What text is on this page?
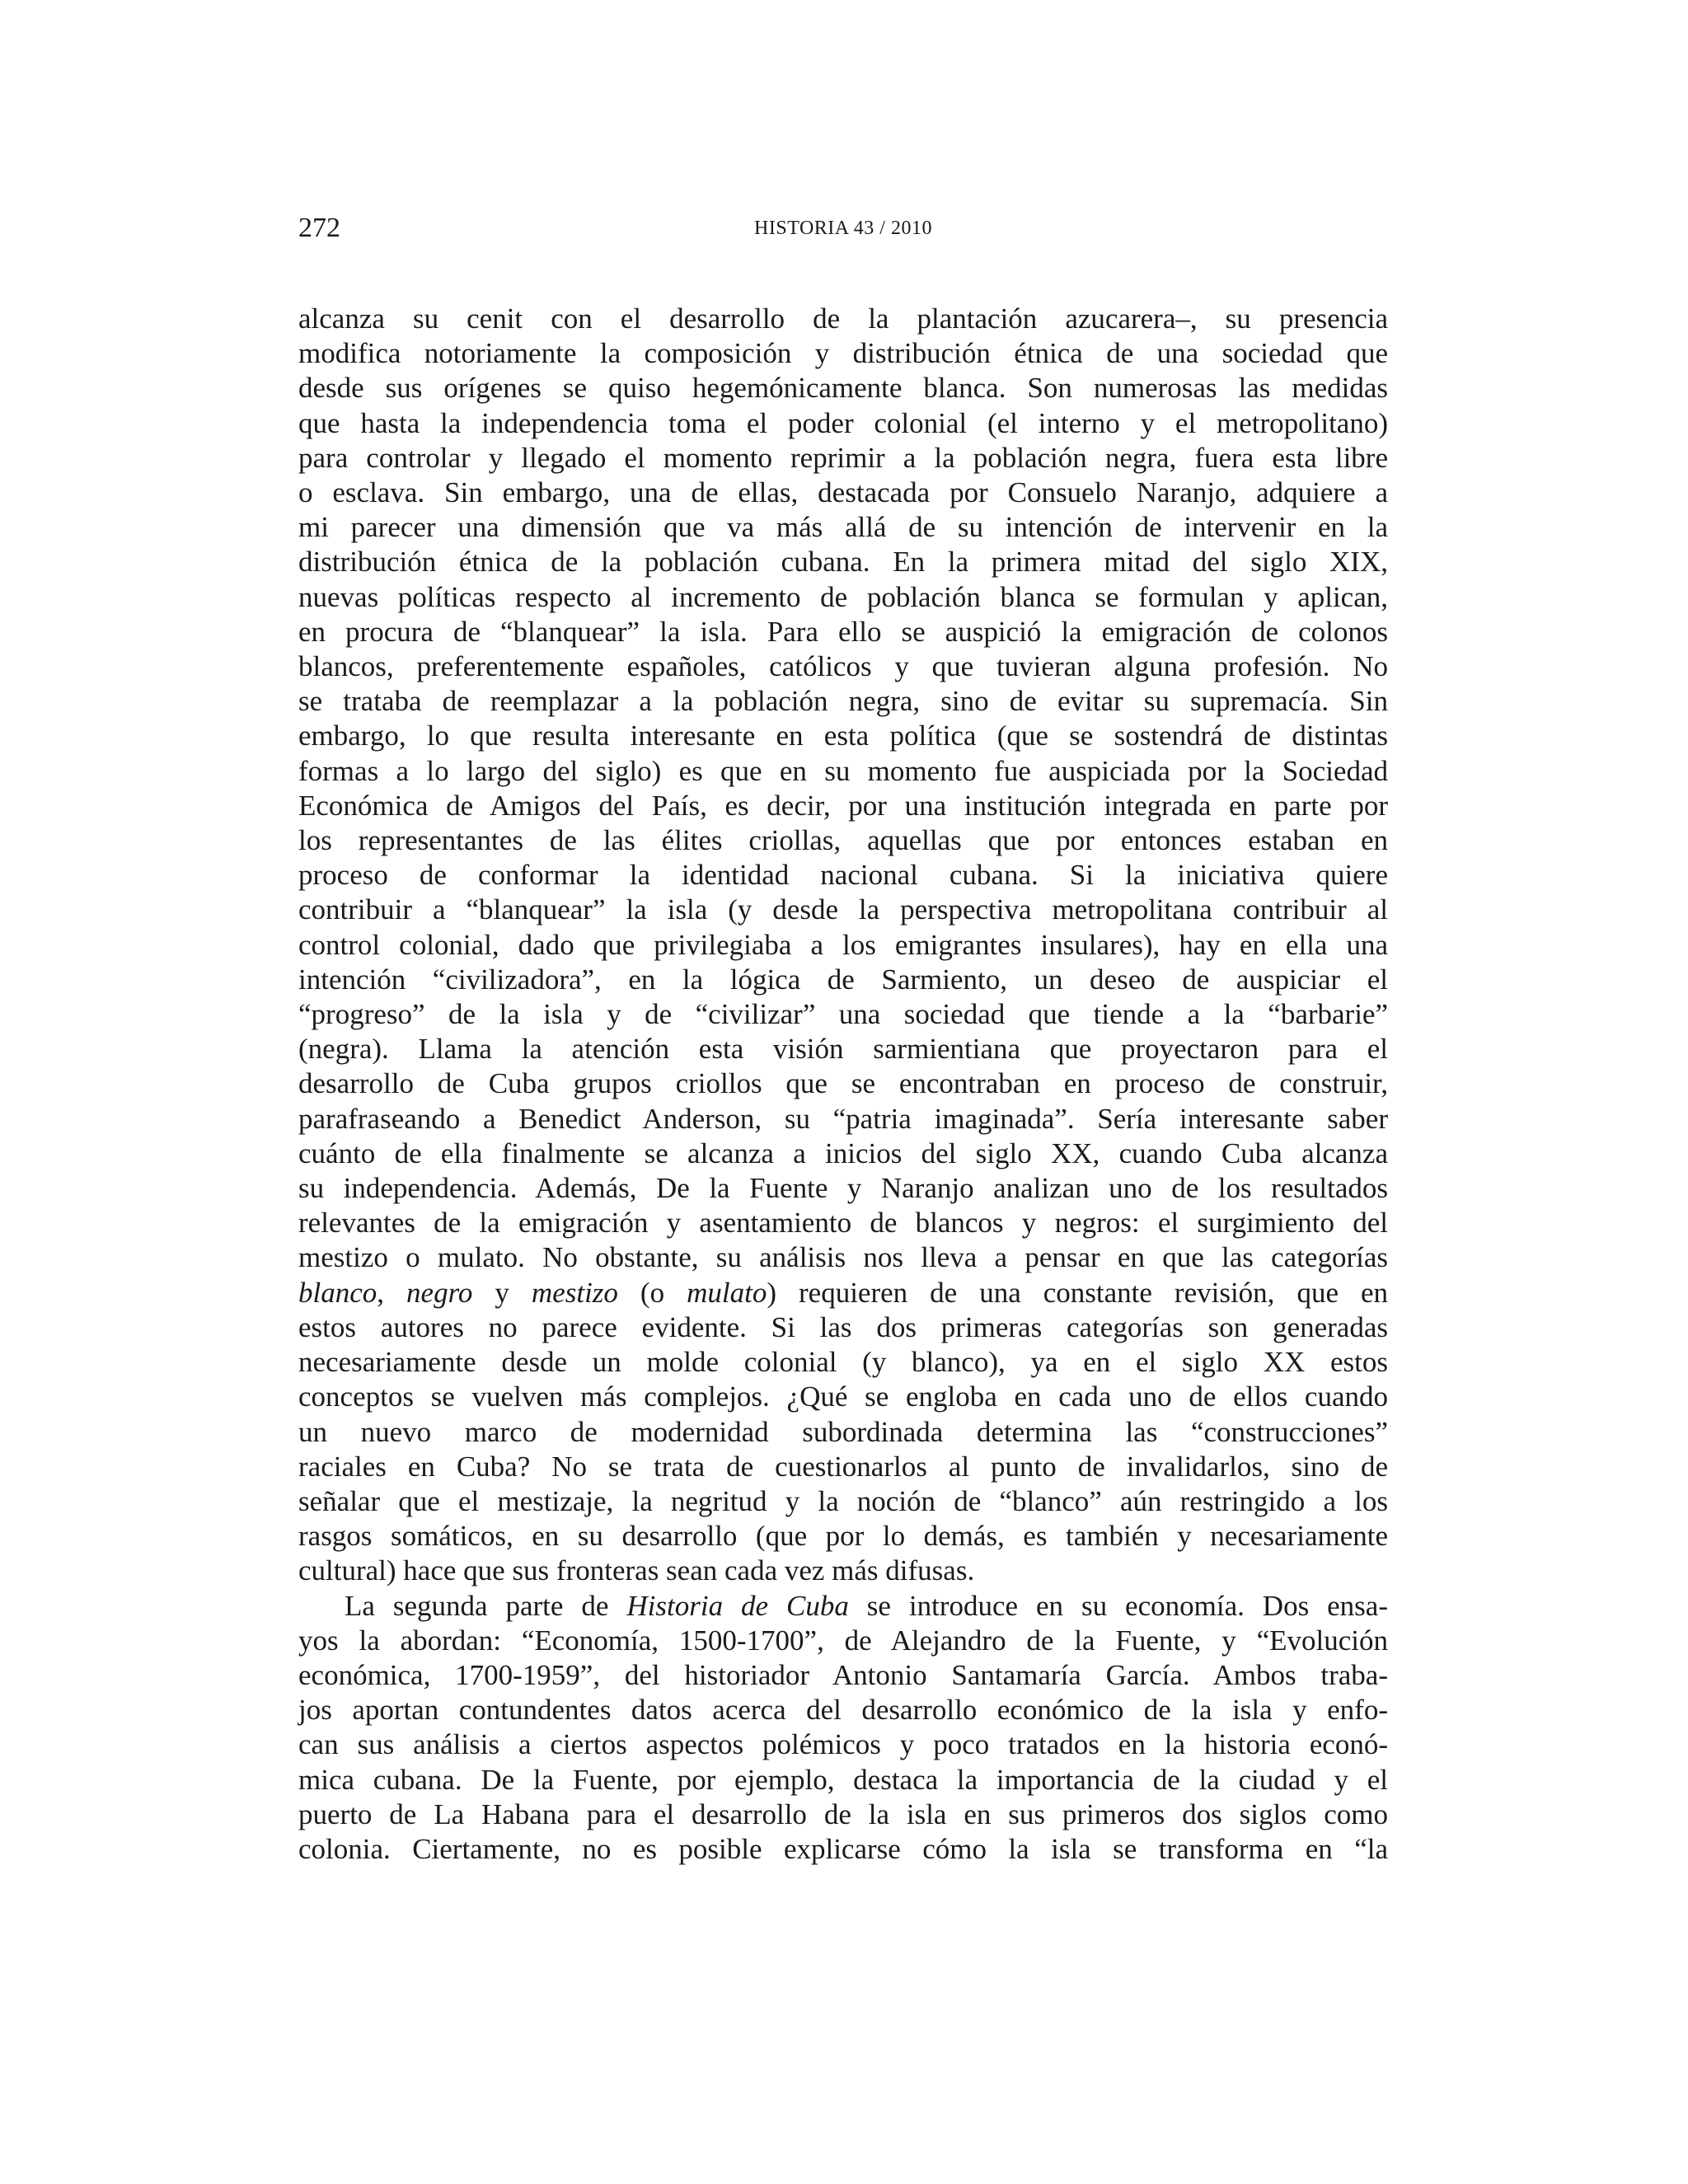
272	HISTORIA 43 / 2010

alcanza su cenit con el desarrollo de la plantación azucarera–, su presencia

modifica notoriamente la composición y distribución étnica de una sociedad que

desde sus orígenes se quiso hegemónicamente blanca. Son numerosas las medidas

que hasta la independencia toma el poder colonial (el interno y el metropolitano)

para controlar y llegado el momento reprimir a la población negra, fuera esta libre

o esclava. Sin embargo, una de ellas, destacada por Consuelo Naranjo, adquiere a

mi parecer una dimensión que va más allá de su intención de intervenir en la

distribución étnica de la población cubana. En la primera mitad del siglo XIX,

nuevas políticas respecto al incremento de población blanca se formulan y aplican,

en procura de “blanquear” la isla. Para ello se auspició la emigración de colonos

blancos, preferentemente españoles, católicos y que tuvieran alguna profesión. No

se trataba de reemplazar a la población negra, sino de evitar su supremacía. Sin

embargo, lo que resulta interesante en esta política (que se sostendrá de distintas

formas a lo largo del siglo) es que en su momento fue auspiciada por la Sociedad

Económica de Amigos del País, es decir, por una institución integrada en parte por

los representantes de las élites criollas, aquellas que por entonces estaban en

proceso de conformar la identidad nacional cubana. Si la iniciativa quiere

contribuir a “blanquear” la isla (y desde la perspectiva metropolitana contribuir al

control colonial, dado que privilegiaba a los emigrantes insulares), hay en ella una

intención “civilizadora”, en la lógica de Sarmiento, un deseo de auspiciar el

“progreso” de la isla y de “civilizar” una sociedad que tiende a la “barbarie”

(negra). Llama la atención esta visión sarmientiana que proyectaron para el

desarrollo de Cuba grupos criollos que se encontraban en proceso de construir,

parafraseando a Benedict Anderson, su “patria imaginada”. Sería interesante saber

cuánto de ella finalmente se alcanza a inicios del siglo XX, cuando Cuba alcanza

su independencia. Además, De la Fuente y Naranjo analizan uno de los resultados

relevantes de la emigración y asentamiento de blancos y negros: el surgimiento del

mestizo o mulato. No obstante, su análisis nos lleva a pensar en que las categorías

blanco, negro y mestizo (o mulato) requieren de una constante revisión, que en

estos autores no parece evidente. Si las dos primeras categorías son generadas

necesariamente desde un molde colonial (y blanco), ya en el siglo XX estos

conceptos se vuelven más complejos. ¿Qué se engloba en cada uno de ellos cuando

un nuevo marco de modernidad subordinada determina las “construcciones”

raciales en Cuba? No se trata de cuestionarlos al punto de invalidarlos, sino de

señalar que el mestizaje, la negritud y la noción de “blanco” aún restringido a los

rasgos somáticos, en su desarrollo (que por lo demás, es también y necesariamente

cultural) hace que sus fronteras sean cada vez más difusas.

La segunda parte de Historia de Cuba se introduce en su economía. Dos ensa-

yos la abordan: “Economía, 1500-1700”, de Alejandro de la Fuente, y “Evolución

económica, 1700-1959”, del historiador Antonio Santamaría García. Ambos traba-

jos aportan contundentes datos acerca del desarrollo económico de la isla y enfo-

can sus análisis a ciertos aspectos polémicos y poco tratados en la historia econó-

mica cubana. De la Fuente, por ejemplo, destaca la importancia de la ciudad y el

puerto de La Habana para el desarrollo de la isla en sus primeros dos siglos como

colonia. Ciertamente, no es posible explicarse cómo la isla se transforma en “la
